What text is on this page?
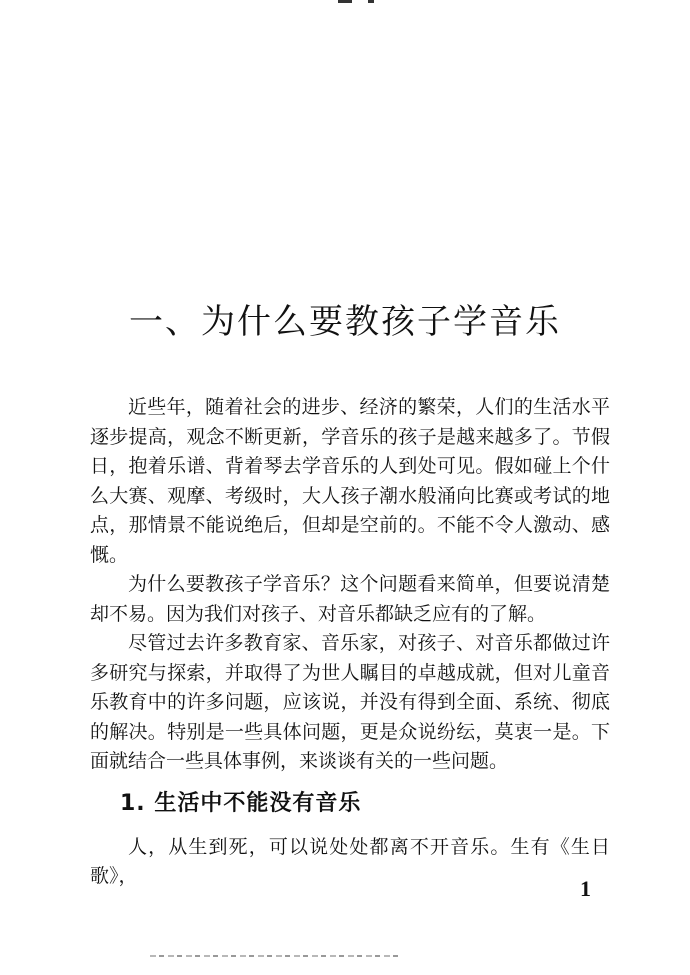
一、为什么要教孩子学音乐

近些年，随着社会的进步、经济的繁荣，人们的生活水平逐步提高，观念不断更新，学音乐的孩子是越来越多了。节假日，抱着乐谱、背着琴去学音乐的人到处可见。假如碰上个什么大赛、观摩、考级时，大人孩子潮水般涌向比赛或考试的地点，那情景不能说绝后，但却是空前的。不能不令人激动、感慨。

为什么要教孩子学音乐？这个问题看来简单，但要说清楚却不易。因为我们对孩子、对音乐都缺乏应有的了解。

尽管过去许多教育家、音乐家，对孩子、对音乐都做过许多研究与探索，并取得了为世人瞩目的卓越成就，但对儿童音乐教育中的许多问题，应该说，并没有得到全面、系统、彻底的解决。特别是一些具体问题，更是众说纷纭，莫衷一是。下面就结合一些具体事例，来谈谈有关的一些问题。

1. 生活中不能没有音乐

人，从生到死，可以说处处都离不开音乐。生有《生日歌》，	1
